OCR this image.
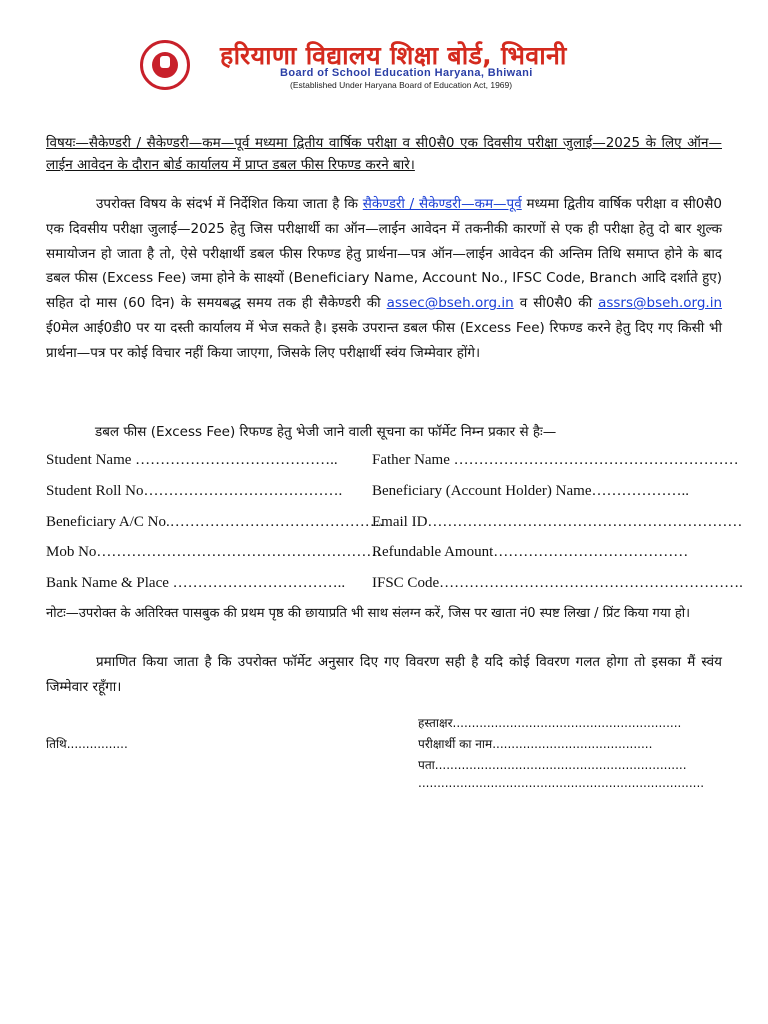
हरियाणा विद्यालय शिक्षा बोर्ड, भिवानी
Board of School Education Haryana, Bhiwani
(Established Under Haryana Board of Education Act, 1969)
विषयः—सैकेण्डरी / सैकेण्डरी—कम—पूर्व मध्यमा द्वितीय वार्षिक परीक्षा व सी0सै0 एक दिवसीय परीक्षा जुलाई—2025 के लिए ऑन—लाईन आवेदन के दौरान बोर्ड कार्यालय में प्राप्त डबल फीस रिफण्ड करने बारे।
उपरोक्त विषय के संदर्भ में निर्देशित किया जाता है कि सैकेण्डरी / सैकेण्डरी—कम—पूर्व मध्यमा द्वितीय वार्षिक परीक्षा व सी0सै0 एक दिवसीय परीक्षा जुलाई—2025 हेतु जिस परीक्षार्थी का ऑन—लाईन आवेदन में तकनीकी कारणों से एक ही परीक्षा हेतु दो बार शुल्क समायोजन हो जाता है तो, ऐसे परीक्षार्थी डबल फीस रिफण्ड हेतु प्रार्थना—पत्र ऑन—लाईन आवेदन की अन्तिम तिथि समाप्त होने के बाद डबल फीस (Excess Fee) जमा होने के साक्ष्यों (Beneficiary Name, Account No., IFSC Code, Branch आदि दर्शाते हुए) सहित दो मास (60 दिन) के समयबद्ध समय तक ही सैकेण्डरी की assec@bseh.org.in व सी0सै0 की assrs@bseh.org.in ई0मेल आई0डी0 पर या दस्ती कार्यालय में भेज सकते है। इसके उपरान्त डबल फीस (Excess Fee) रिफण्ड करने हेतु दिए गए किसी भी प्रार्थना—पत्र पर कोई विचार नहीं किया जाएगा, जिसके लिए परीक्षार्थी स्वंय जिम्मेवार होंगे।
डबल फीस (Excess Fee) रिफण्ड हेतु भेजी जाने वाली सूचना का फॉर्मेट निम्न प्रकार से हैः—
Student Name ………………………………….. Father Name …………………………………………………
Student Roll No…………………………………. Beneficiary (Account Holder) Name………………..
Beneficiary A/C No.…………………………………….
Email ID………………………………………………………
Mob No…………………………………………………
Refundable Amount…………………………………
Bank Name & Place …………………………….. IFSC Code…………………………………………………….
नोटः—उपरोक्त के अतिरिक्त पासबुक की प्रथम पृष्ठ की छायाप्रति भी साथ संलग्न करें, जिस पर खाता नं0 स्पष्ट लिखा / प्रिंट किया गया हो।
प्रमाणित किया जाता है कि उपरोक्त फॉर्मेट अनुसार दिए गए विवरण सही है यदि कोई विवरण गलत होगा तो इसका मैं स्वंय जिम्मेवार रहूँगा।
हस्ताक्षर............................................................
परीक्षार्थी का नाम..........................................
तिथि................
पता..................................................................
...........................................................................
